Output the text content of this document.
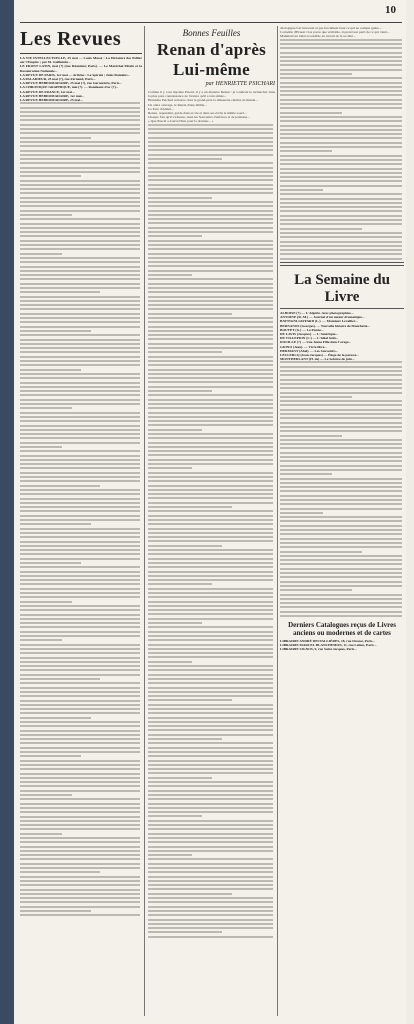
10
Les Revues

LA VIE INTELLECTUELLE, 25 mai — Louis Massé : La Dictature des Pellier sur l'Empire ; par M. Guillemin...

LE FRONT LATIN, mai (?) (rue Réaumur, Paris). — Le Maréchal Pétain et la Restauration Nationale...

LA REVUE DE PARIS, 1er mai — Articles : La Spirale ; Jules Romains...

LA PALADIEUR, 25 mai (?), rue Fernand, Paris...

LA REVUE HEBDOMADAIRE, 25 mai (?), rue Garancière, Paris...

LA CHRONIQUE GRAPHIQUE, mai (?). — Rondeaux d'or (?)...

LA REVUE DE FRANCE, 1er mai...

LA REVUE HEBDOMADAIRE, 1er mai...

LA REVUE HEBDOMADAIRE, 25 mai...

Bonnes Feuilles
Renan d'après Lui-même
par HENRIETTE PSICHARI

Comme il y a un mystère Pascal, il y a un mystère Renan : je voudrais le rechercher dans la plus pure connaissance de l'œuvre qu'il a tant aimée...

Henriette Psichari retrouve chez le grand-père la silhouette célèbre de Renan...

Un autre ouvrage, le Renan d'une même...

Le livre d'Amiel...

Renan, cependant, garde dans sa vie et dans ses écrits le même souci...

Chaque fois qu'il s'adresse, dans les Souvenirs d'enfance et de jeunesse...

« Que Pascal a trouvé Dieu pour la douleur... »

chologique fort innocent et pas forcément faux ce qui ne compte guère...

Corneille d'Ernest vrai, parce que véritable, il prend son parti de ce qui vient...

Maintient un idéal accessible au travail de la société...

La Semaine du Livre

ALBOISE (?) — L'Algérie. Avec photographies...

ANTOINE (R.-M.) — Journal d'un auteur dramatique...

BATTIGNI-GIFFARD (L.). — Monsieur Levallier...

BERNANOS (Georges). — Nouvelle histoire de Mouchette...

BOUTET (G.) — La Poésie...

DE LAVIS (Jacques). — L'Amérique...

DE VILLEPION (C.) — L'Idéal latin...

DOUILLE (?) — Une Jeune Fille dans l'orage...

GIONO (Jean). — Vivre libre...

HERMANT (Abel). — Les Souvenirs...

LECLERCQ (Jean-Jacques) — Éloge de la paresse...

MONTHERLANT (H. de) — Le Solstice de juin...

Derniers Catalogues reçus de Livres anciens ou modernes et de cartes

LIBRAIRIE ANDRÉ DESVALLIÈRES, 18, rue Drouot, Paris...

LIBRAIRIE MARCEL BLANCHEMON, 11, rue Laînes, Paris...

LIBRAIRIE SIGNOS, 9, rue Saint-Jacques, Paris...
